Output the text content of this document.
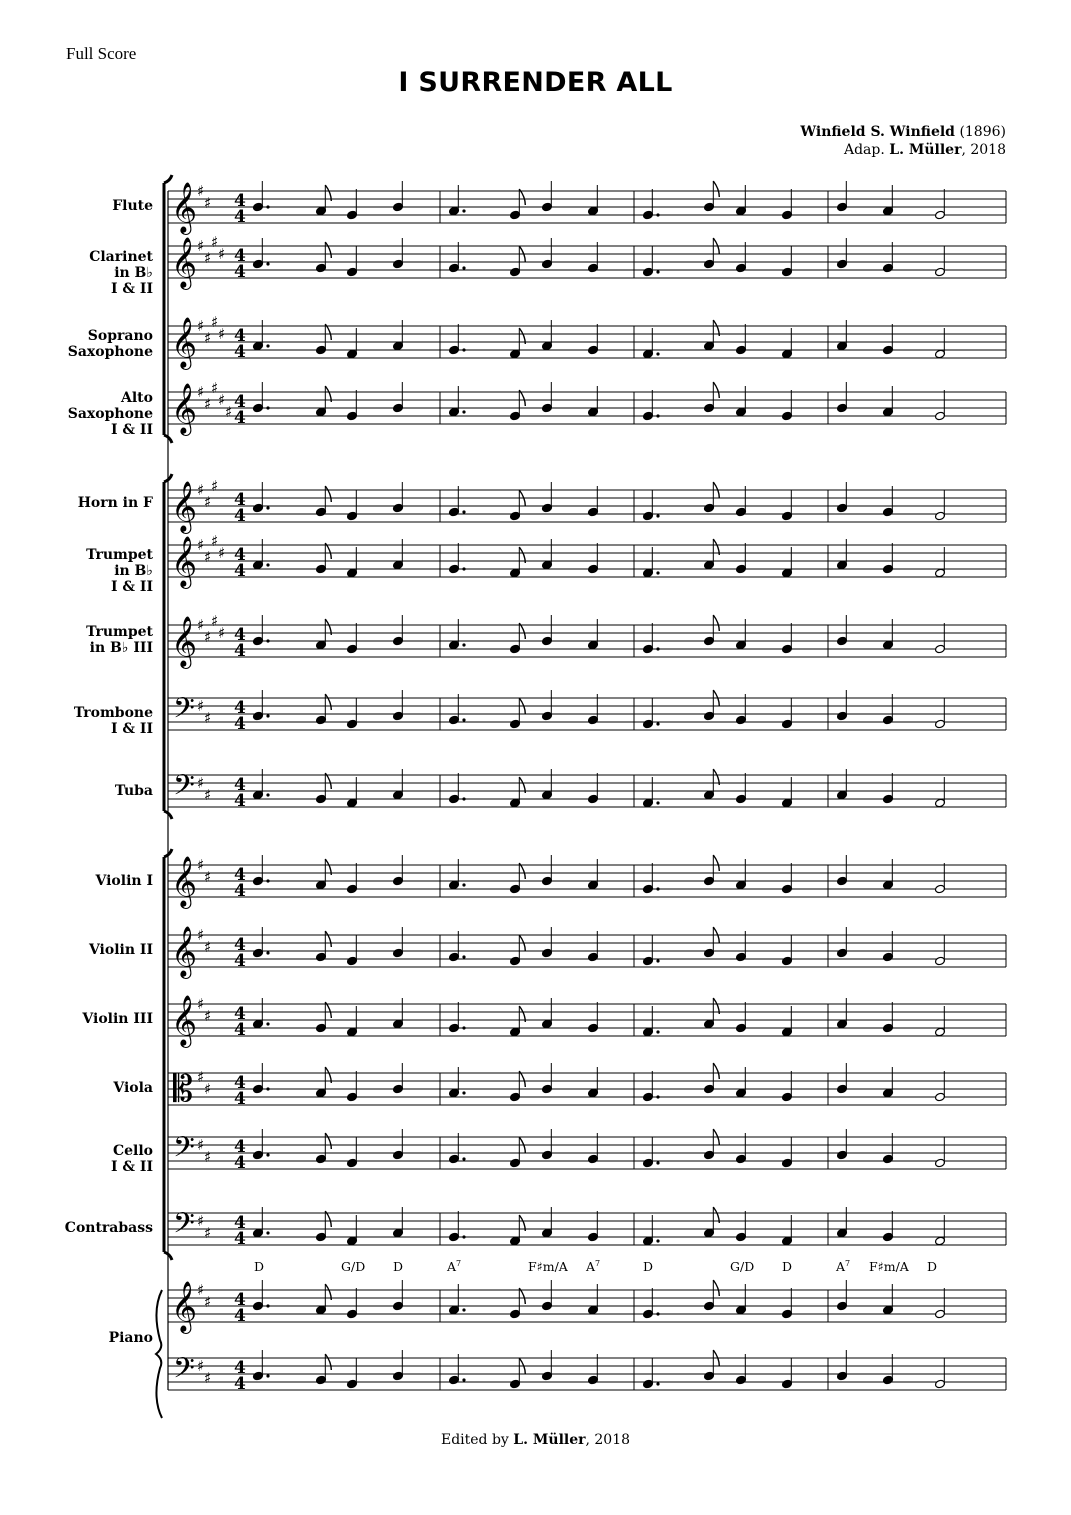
Full Score
I SURRENDER ALL
Winfield S. Winfield (1896)
Adap. L. Müller, 2018
Flute
Clarinet
in B♭
I & II
Soprano
Saxophone
Alto
Saxophone
I & II
Horn in F
Trumpet
in B♭
I & II
Trumpet
in B♭ III
Trombone
I & II
Tuba
Violin I
Violin II
Violin III
Viola
Cello
I & II
Contrabass
Piano
D	G/D D	$A^7$	F♯m/A $A^7$	D	G/D D	$A^7$ F♯m/A D
𝄞 ♯
♯ 4
4
𝄞 ♯
♯
♯
♯ 4
4
𝄞 ♯
♯
♯
♯ 4
4
𝄞 ♯
♯
♯
♯
♯ 4
4
𝄞 ♯
♯
♯
4
4
𝄞 ♯
♯
♯
♯ 4
4
𝄞 ♯
♯
♯
♯ 4
4
𝄢 ♯
♯ 4
4
𝄢 ♯
♯ 4
4
𝄞 ♯
♯ 4
4
𝄞 ♯
♯ 4
4
𝄞 ♯
♯ 4
4
𝄡 ♯
♯ 4
4
𝄢 ♯
♯ 4
4
𝄢 ♯
♯ 4
4
𝄞 ♯
♯ 4
4
𝄢 ♯
♯ 4
4
Edited by L. Müller, 2018
